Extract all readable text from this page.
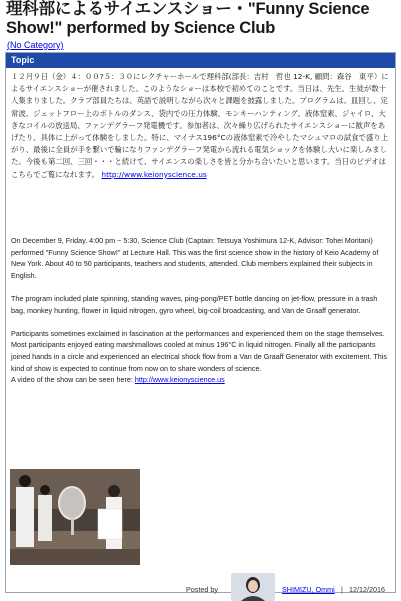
理科部によるサイエンスショー・"Funny Science Show!" performed by Science Club
(No Category)
Topic
１２月９日（金）４：００?５：３０にレクチャーホールで理科部(部長：吉村　哲也 12-K, 顧問：森谷　東平）によるサイエンスショーが催されました。このようなショーは本校で初めてのことです。当日は、先生、生徒が数十人集まりました。クラブ部員たちは、英語で説明しながら次々と課題を披露しました。プログラムは、皿回し、定常波、ジェットフロー上のボトルのダンス、袋内での圧力体験、モンキーハンティング、液体窒素、ジャイロ、大きなコイルの放送局、ファンデグラーフ発電機です。参加者は、次々繰り広げられたサイエンスショーに歓声をあげたり、具体に上がって体験をしました。特に、マイナス196°Cの液体窒素で冷やしたマシュマロの試食で盛り上がり、最後に全員が手を繋いで輪になりファンデグラーフ発電から流れる電気ショックを体験し大いに楽しみました。今後も第二回、三回・・・と続けて、サイエンスの楽しさを皆と分かち合いたいと思います。当日のビデオはこちらでご覧になれます。 http://www.keionyscience.us

On December 9, Friday, 4:00 pm ~ 5:30, Science Club (Captain: Tetsuya Yoshimura 12-K, Advisor: Tohei Moritani) performed "Funny Science Show!" at Lecture Hall. This was the first science show in the history of Keio Academy of New York. About 40 to 50 participants, teachers and students, attended. Club members explained their subjects in English.

The program included plate spinning, standing waves, ping-pong/PET bottle dancing on jet-flow, pressure in a trash bag, monkey hunting, flower in liquid nitrogen, gyro wheel, big-coil broadcasting, and Van de Graaff generator.

Participants sometimes exclaimed in fascination at the performances and experienced them on the stage themselves. Most participants enjoyed eating marshmallows cooled at minus 196°C in liquid nitrogen. Finally all the participants joined hands in a circle and experienced an electrical shock flow from a Van de Graaff Generator with excitement. This kind of show is expected to continue from now on to share wonders of science.
A video of the show can be seen here: http://www.keionyscience.us

Posted by	SHIMIZU, Ommi | 12/12/2016
